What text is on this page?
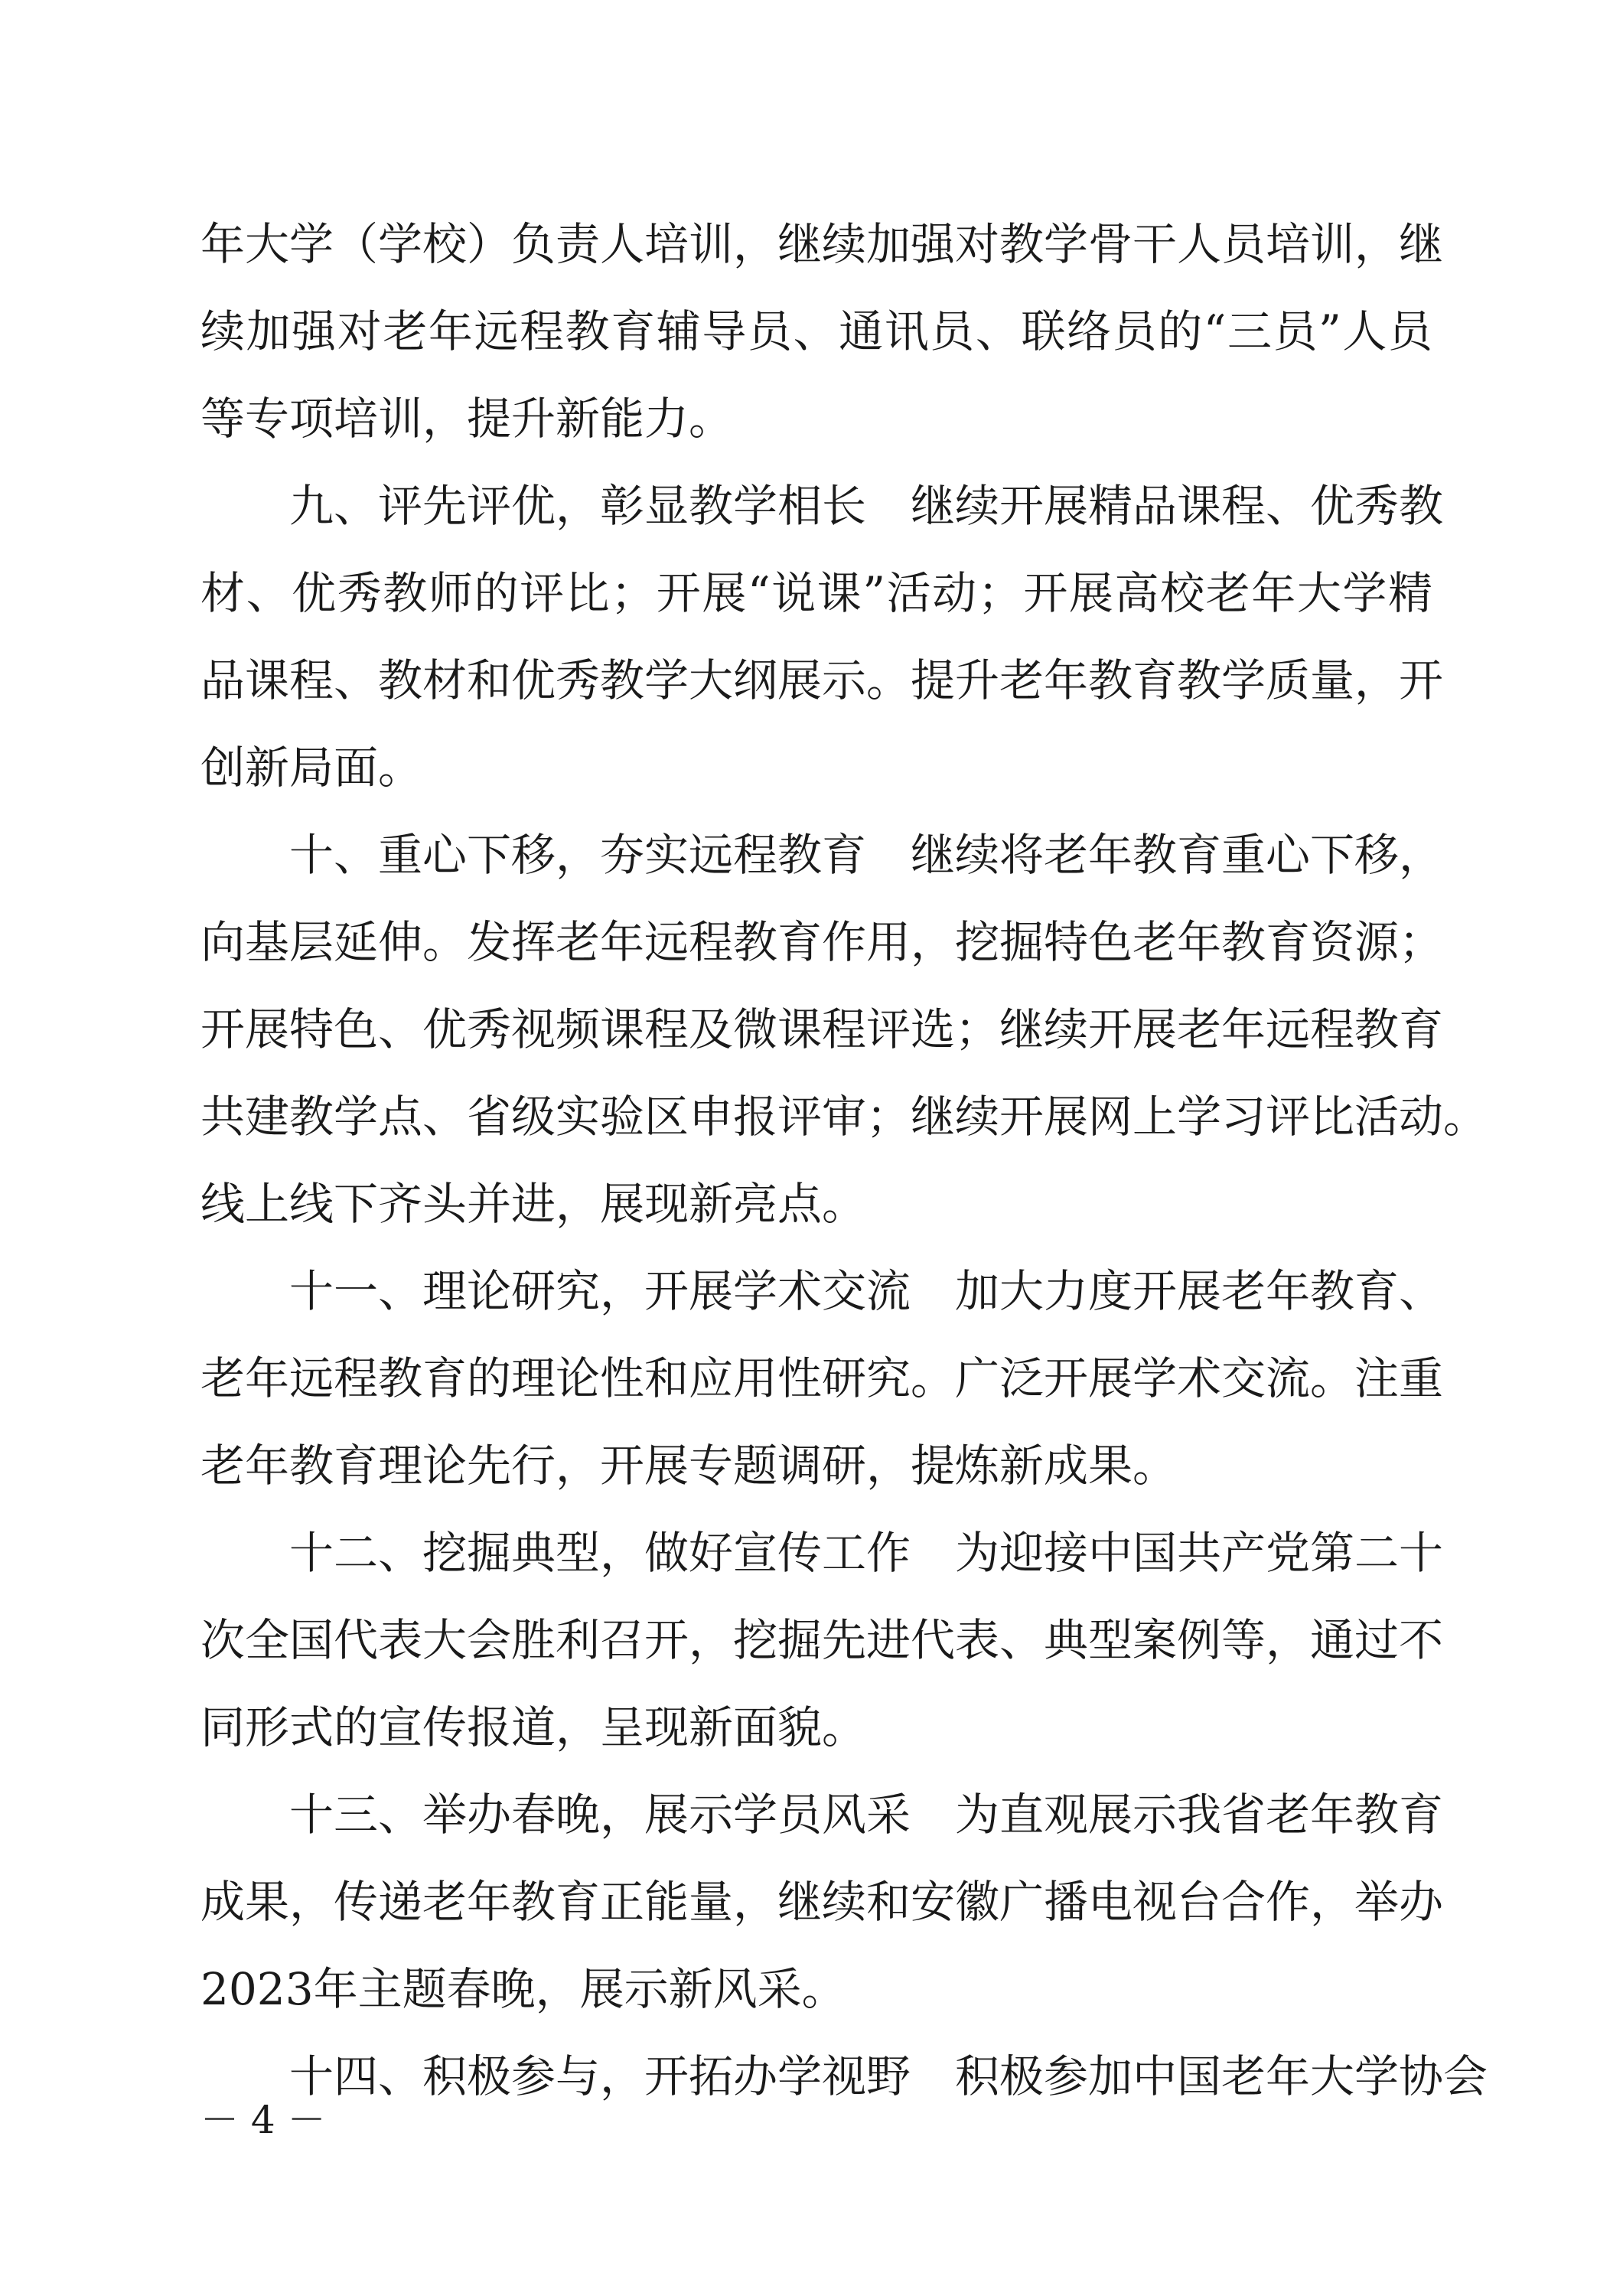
年大学（学校）负责人培训，继续加强对教学骨干人员培训，继
续加强对老年远程教育辅导员、通讯员、联络员的“三员”人员
等专项培训，提升新能力。
九、评先评优，彰显教学相长 继续开展精品课程、优秀教
材、优秀教师的评比；开展“说课”活动；开展高校老年大学精
品课程、教材和优秀教学大纲展示。提升老年教育教学质量，开
创新局面。
十、重心下移，夯实远程教育 继续将老年教育重心下移，
向基层延伸。发挥老年远程教育作用，挖掘特色老年教育资源；
开展特色、优秀视频课程及微课程评选；继续开展老年远程教育
共建教学点、省级实验区申报评审；继续开展网上学习评比活动。
线上线下齐头并进，展现新亮点。
十一、理论研究，开展学术交流 加大力度开展老年教育、
老年远程教育的理论性和应用性研究。广泛开展学术交流。注重
老年教育理论先行，开展专题调研，提炼新成果。
十二、挖掘典型，做好宣传工作 为迎接中国共产党第二十
次全国代表大会胜利召开，挖掘先进代表、典型案例等，通过不
同形式的宣传报道，呈现新面貌。
十三、举办春晚，展示学员风采 为直观展示我省老年教育
成果，传递老年教育正能量，继续和安徽广播电视台合作，举办
2023年主题春晚，展示新风采。
十四、积极参与，开拓办学视野 积极参加中国老年大学协会
－ 4 －
